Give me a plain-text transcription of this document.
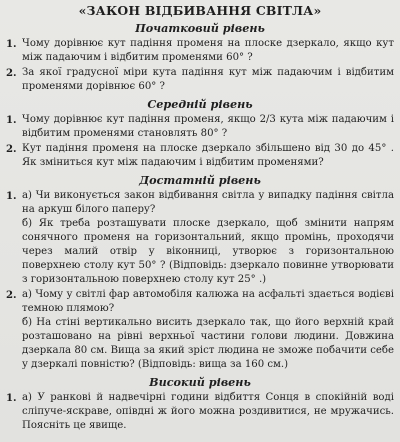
«ЗАКОН ВІДБИВАННЯ СВІТЛА»
Початковий рівень
1. Чому дорівнює кут падіння променя на плоске дзеркало, якщо кут між падаючим і відбитим променями 60° ?
2. За якої градусної міри кута падіння кут між падаючим і відбитим променями дорівнює 60° ?
Середній рівень
1. Чому дорівнює кут падіння променя, якщо 2/3 кута між падаючим і відбитим променями становлять 80° ?
2. Кут падіння променя на плоске дзеркало збільшено від 30 до 45° . Як зміниться кут між падаючим і відбитим променями?
Достатній рівень
1. а) Чи виконується закон відбивання світла у випадку падіння світла на аркуш білого паперу?
б) Як треба розташувати плоске дзеркало, щоб змінити напрям сонячного променя на горизонтальний, якщо промінь, проходячи через малий отвір у віконниці, утворює з горизонтальною поверхнею столу кут 50° ? (Відповідь: дзеркало повинне утворювати з горизонтальною поверхнею столу кут 25° .)
2. а) Чому у світлі фар автомобіля калюжа на асфальті здається водієві темною плямою?
б) На стіні вертикально висить дзеркало так, що його верхній край розташовано на рівні верхньої частини голови людини. Довжина дзеркала 80 см. Вища за який зріст людина не зможе побачити себе у дзеркалі повністю? (Відповідь: вища за 160 см.)
Високий рівень
1. а) У ранкові й надвечірні години відбиття Сонця в спокійній воді сліпуче-яскраве, опівдні ж його можна роздивитися, не мружачись. Поясніть це явище.
